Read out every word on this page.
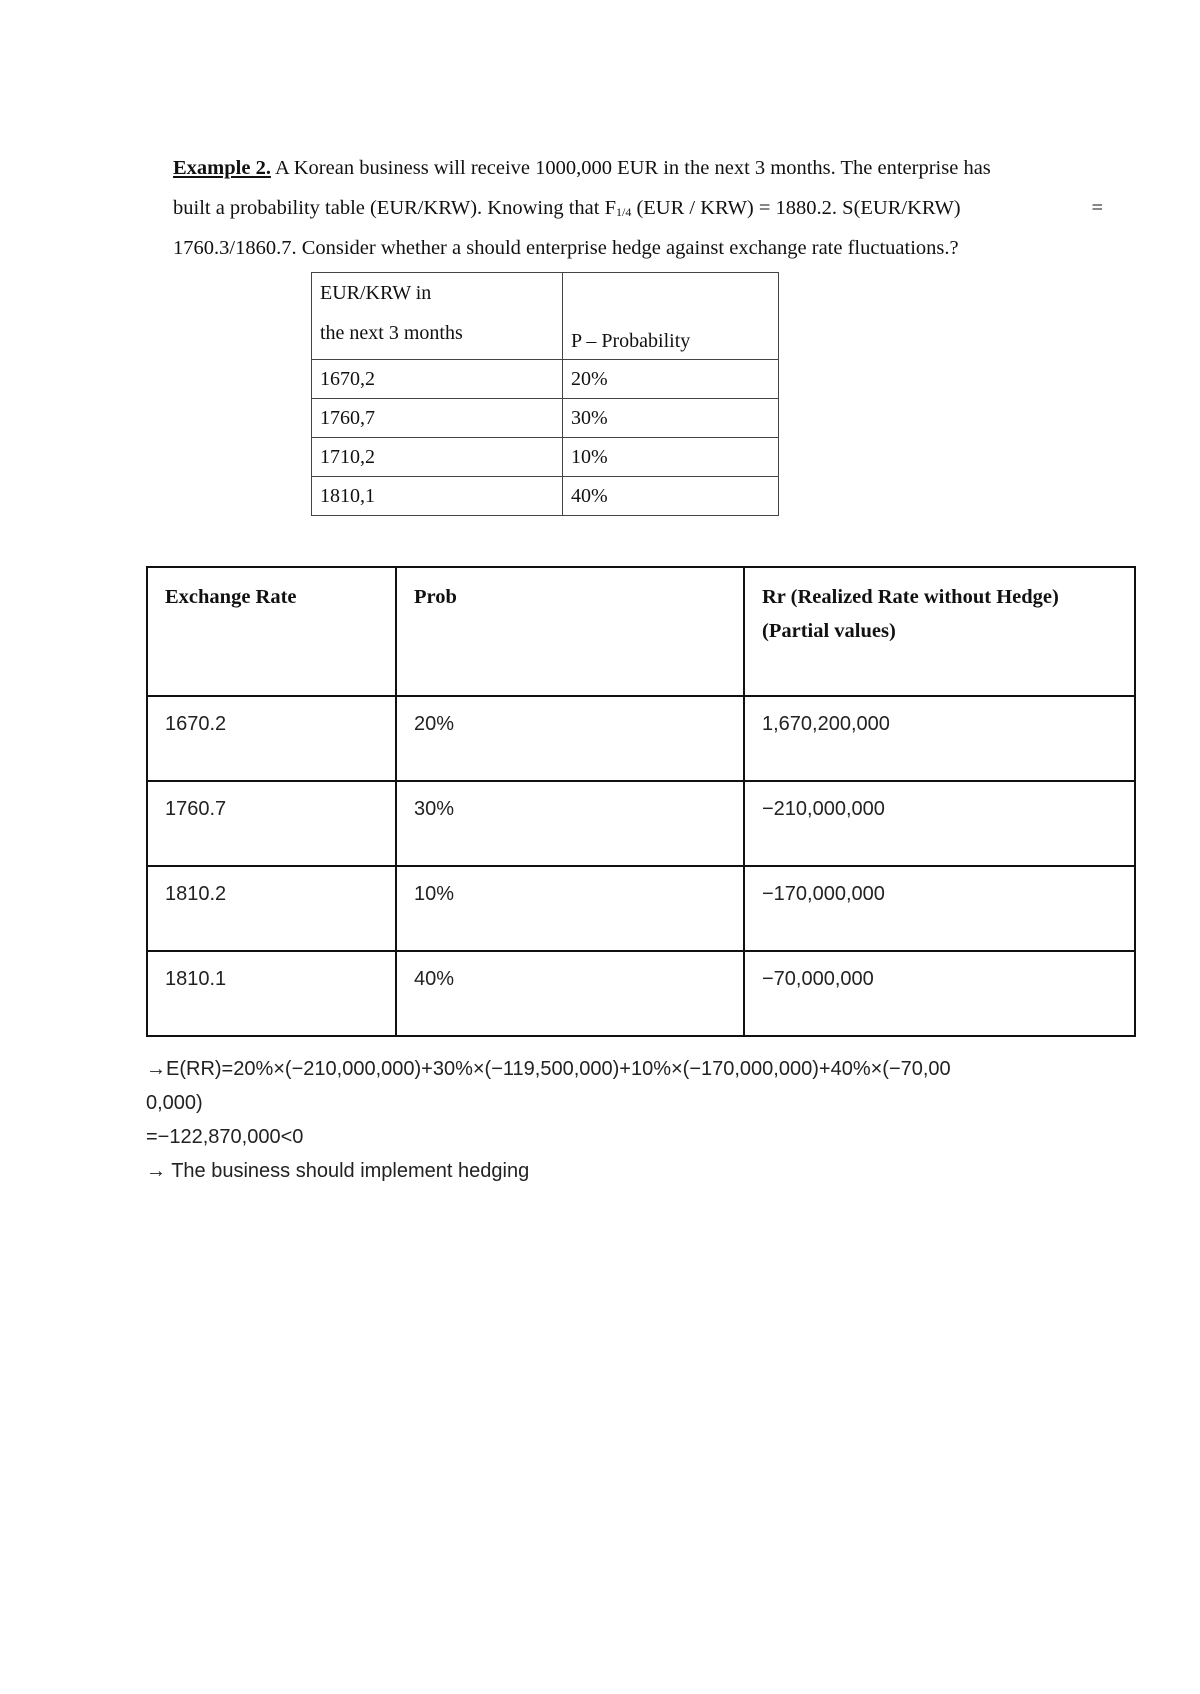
Example 2. A Korean business will receive 1000,000 EUR in the next 3 months. The enterprise has
built a probability table (EUR/KRW). Knowing that $F_{1/4}$ (EUR / KRW) = 1880.2. S(EUR/KRW)	=
1760.3/1860.7. Consider whether a should enterprise hedge against exchange rate fluctuations.?
EUR/KRW in
the next 3 months	P – Probability
1670,2	20%
1760,7	30%
1710,2	10%
1810,1	40%
Exchange Rate	Prob	Rr (Realized Rate without Hedge)
(Partial values)

1670.2	20%	1,670,200,000
1760.7	30%	−210,000,000
1810.2	10%	−170,000,000
1810.1	40%	−70,000,000
→E(RR)=20%×(−210,000,000)+30%×(−119,500,000)+10%×(−170,000,000)+40%×(−70,00
0,000)
=−122,870,000<0
→ The business should implement hedging
